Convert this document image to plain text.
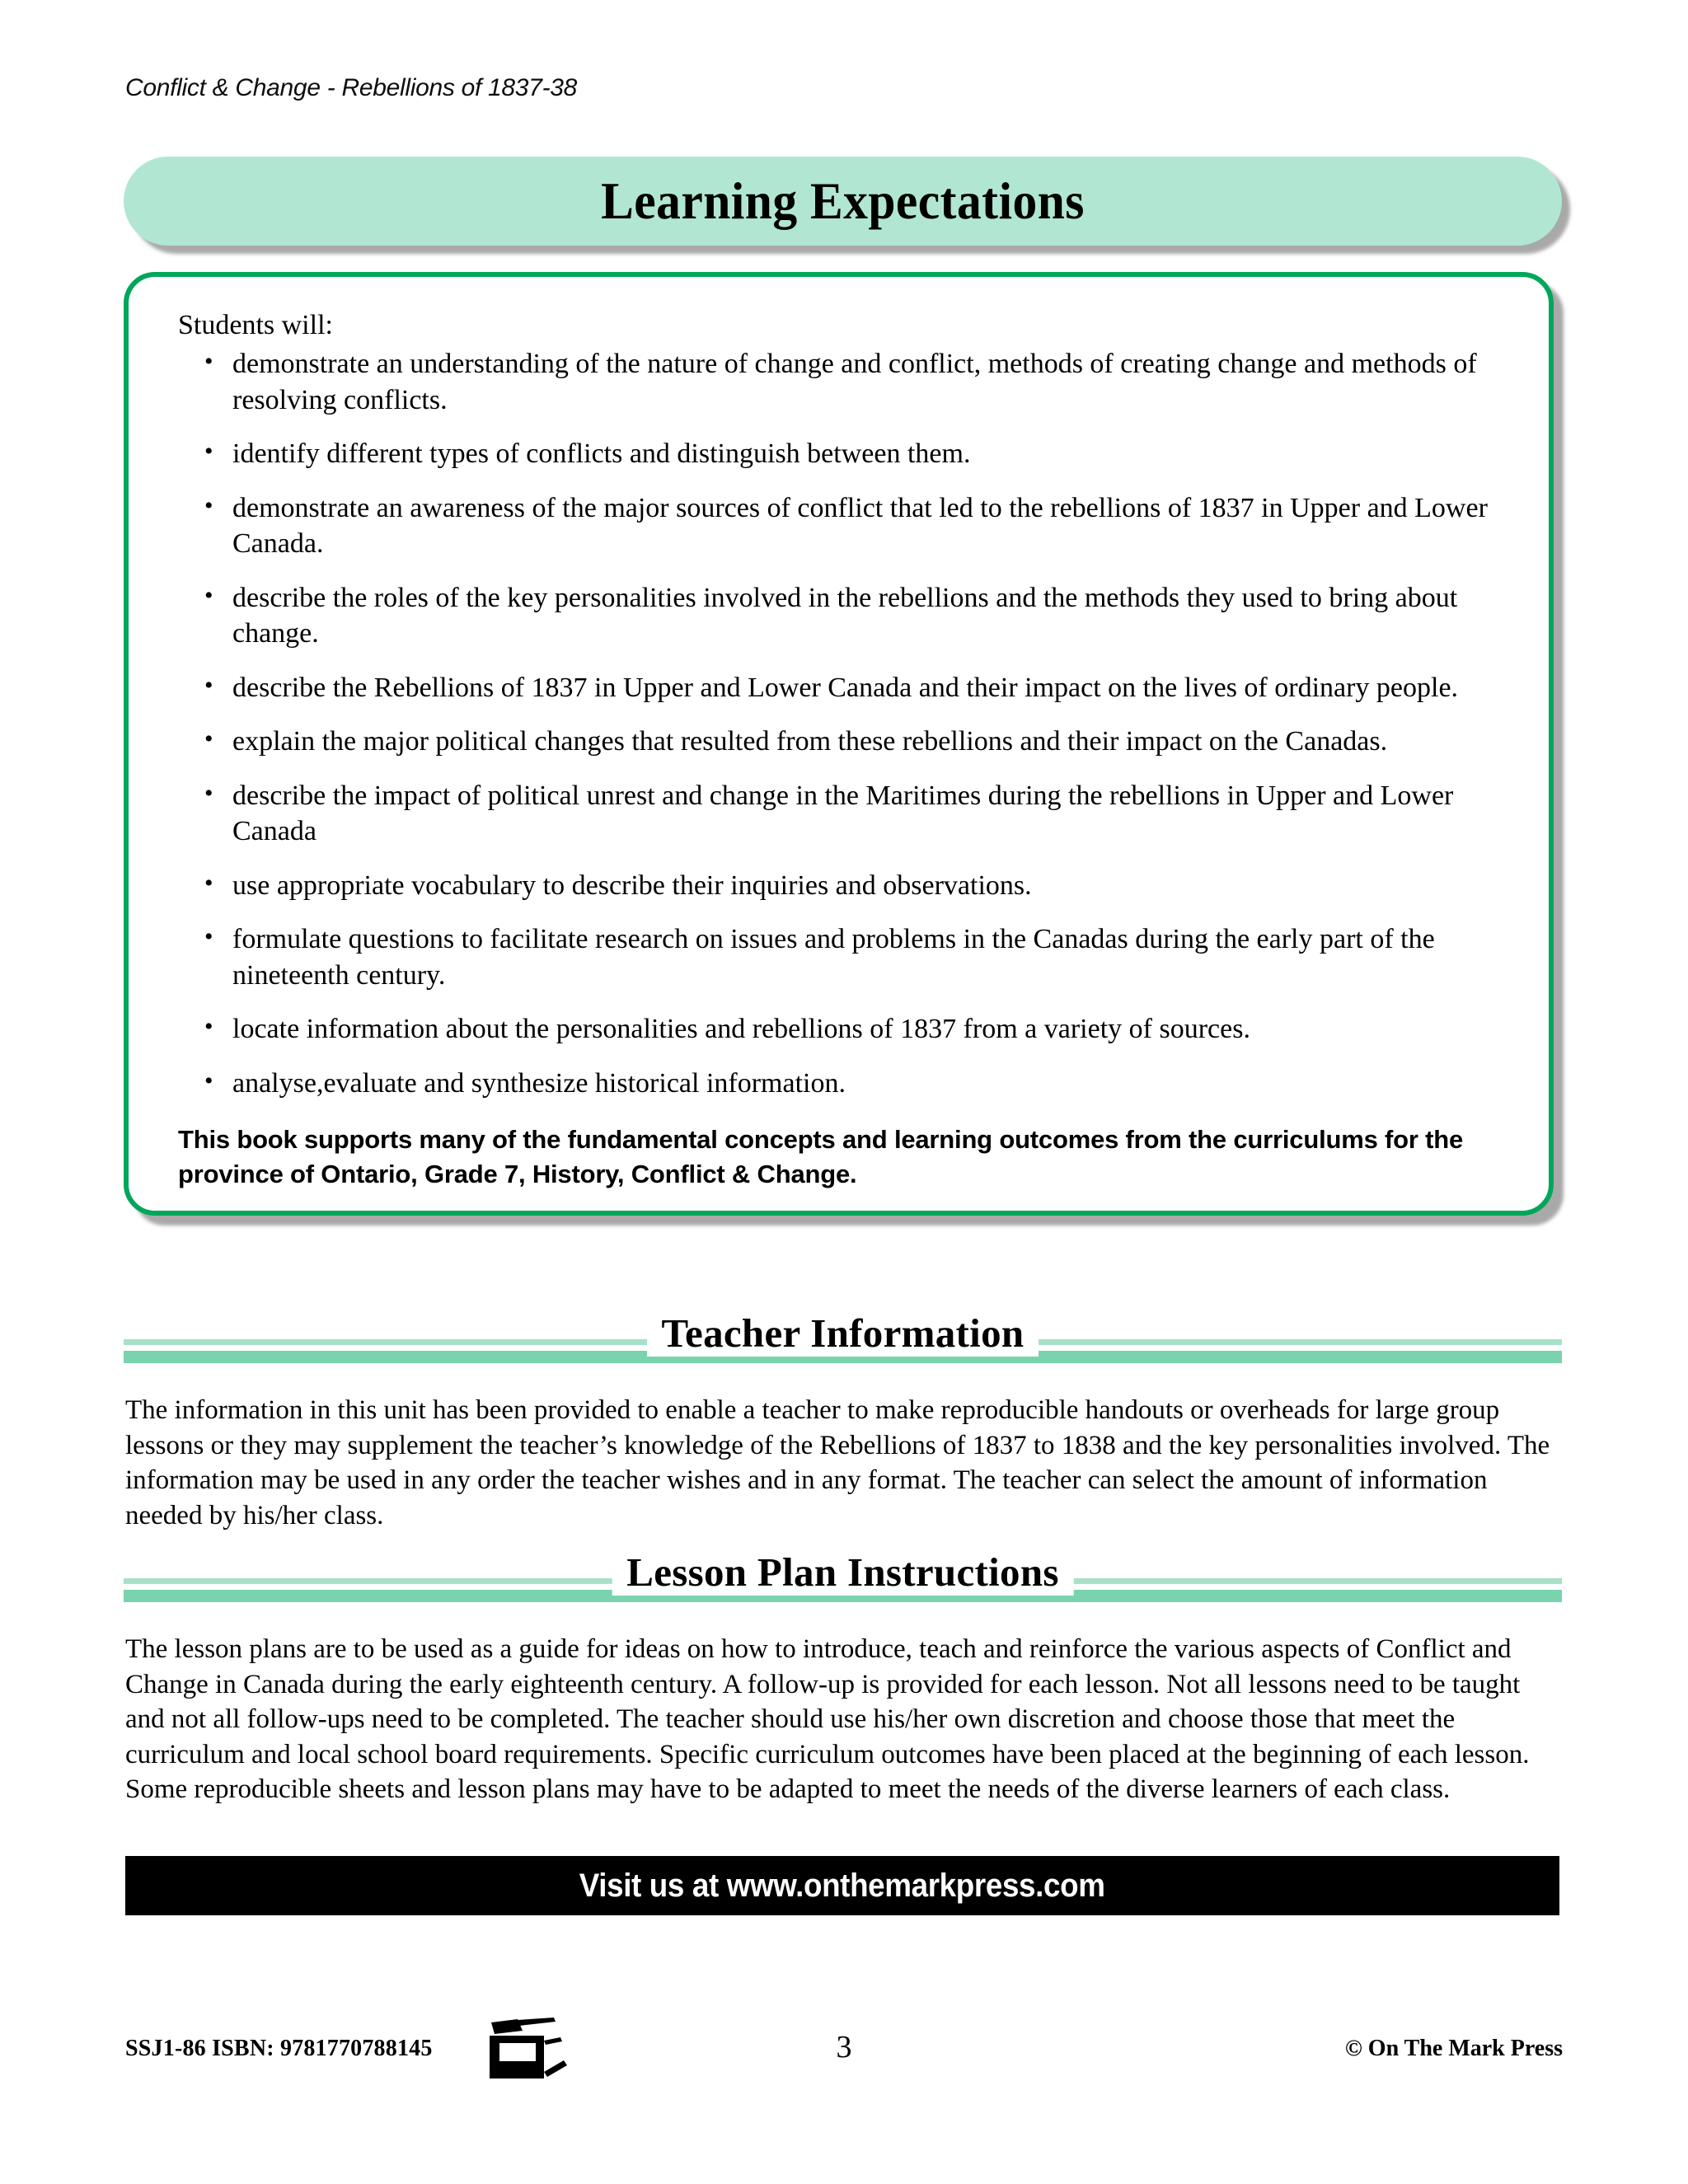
Conflict & Change - Rebellions of 1837-38
Learning Expectations

Students will:

• demonstrate an understanding of the nature of change and conflict, methods of creating change and methods of resolving conflicts.
• identify different types of conflicts and distinguish between them.
• demonstrate an awareness of the major sources of conflict that led to the rebellions of 1837 in Upper and Lower Canada.
• describe the roles of the key personalities involved in the rebellions and the methods they used to bring about change.
• describe the Rebellions of 1837 in Upper and Lower Canada and their impact on the lives of ordinary people.
• explain the major political changes that resulted from these rebellions and their impact on the Canadas.
• describe the impact of political unrest and change in the Maritimes during the rebellions in Upper and Lower Canada
• use appropriate vocabulary to describe their inquiries and observations.
• formulate questions to facilitate research on issues and problems in the Canadas during the early part of the nineteenth century.
• locate information about the personalities and rebellions of 1837 from a variety of sources.
• analyse,evaluate and synthesize historical information.

This book supports many of the fundamental concepts and learning outcomes from the curriculums for the province of Ontario, Grade 7, History, Conflict & Change.

Teacher Information
The information in this unit has been provided to enable a teacher to make reproducible handouts or overheads for large group lessons or they may supplement the teacher’s knowledge of the Rebellions of 1837 to 1838 and the key personalities involved. The information may be used in any order the teacher wishes and in any format. The teacher can select the amount of information needed by his/her class.
Lesson Plan Instructions
The lesson plans are to be used as a guide for ideas on how to introduce, teach and reinforce the various aspects of Conflict and Change in Canada during the early eighteenth century. A follow-up is provided for each lesson. Not all lessons need to be taught and not all follow-ups need to be completed. The teacher should use his/her own discretion and choose those that meet the curriculum and local school board requirements. Specific curriculum outcomes have been placed at the beginning of each lesson. Some reproducible sheets and lesson plans may have to be adapted to meet the needs of the diverse learners of each class.
Visit us at www.onthemarkpress.com
SSJ1-86 ISBN: 9781770788145	3	© On The Mark Press
